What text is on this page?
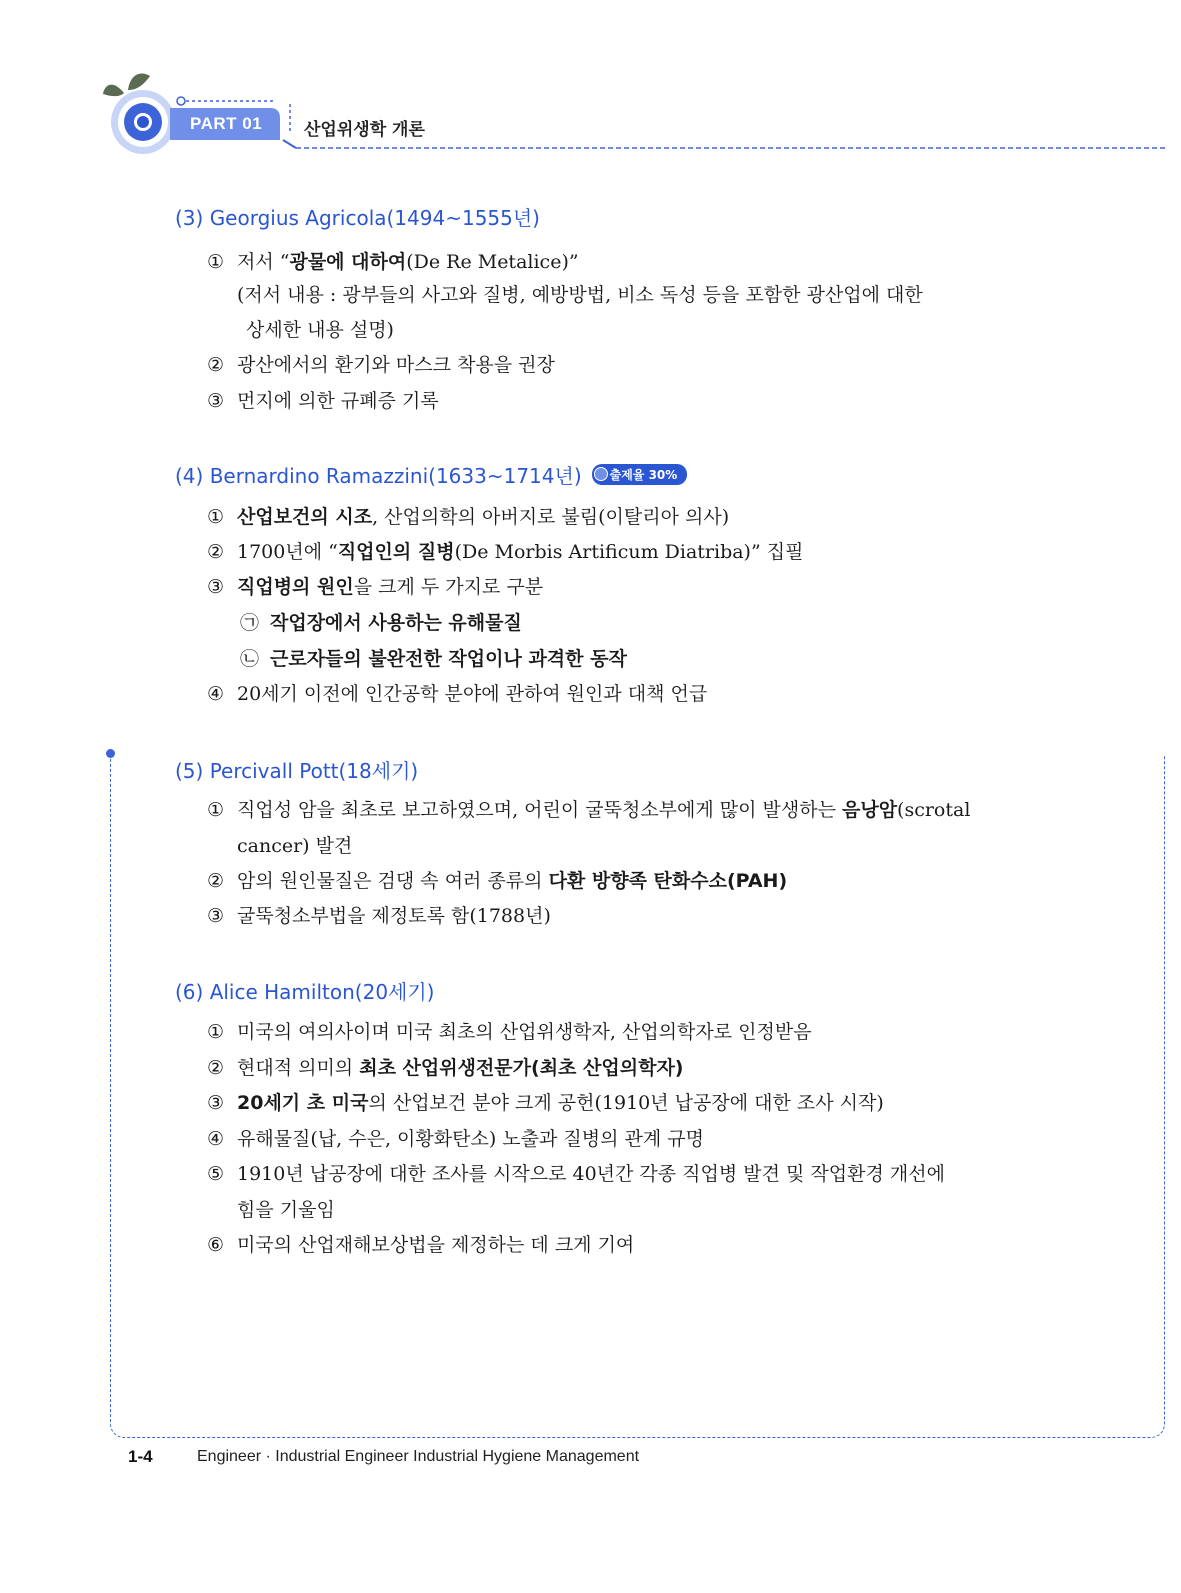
PART 01	산업위생학 개론
(3) Georgius Agricola(1494~1555년)
① 저서 “광물에 대하여(De Re Metalice)”
(저서 내용 : 광부들의 사고와 질병, 예방방법, 비소 독성 등을 포함한 광산업에 대한
상세한 내용 설명)
② 광산에서의 환기와 마스크 착용을 권장
③ 먼지에 의한 규폐증 기록
(4) Bernardino Ramazzini(1633~1714년) 출제율 30%
① 산업보건의 시조, 산업의학의 아버지로 불림(이탈리아 의사)
② 1700년에 “직업인의 질병(De Morbis Artificum Diatriba)” 집필
③ 직업병의 원인을 크게 두 가지로 구분
㉠ 작업장에서 사용하는 유해물질
㉡ 근로자들의 불완전한 작업이나 과격한 동작
④ 20세기 이전에 인간공학 분야에 관하여 원인과 대책 언급
(5) Percivall Pott(18세기)
① 직업성 암을 최초로 보고하였으며, 어린이 굴뚝청소부에게 많이 발생하는 음낭암(scrotal
cancer) 발견
② 암의 원인물질은 검댕 속 여러 종류의 다환 방향족 탄화수소(PAH)
③ 굴뚝청소부법을 제정토록 함(1788년)
(6) Alice Hamilton(20세기)
① 미국의 여의사이며 미국 최초의 산업위생학자, 산업의학자로 인정받음
② 현대적 의미의 최초 산업위생전문가(최초 산업의학자)
③ 20세기 초 미국의 산업보건 분야 크게 공헌(1910년 납공장에 대한 조사 시작)
④ 유해물질(납, 수은, 이황화탄소) 노출과 질병의 관계 규명
⑤ 1910년 납공장에 대한 조사를 시작으로 40년간 각종 직업병 발견 및 작업환경 개선에
힘을 기울임
⑥ 미국의 산업재해보상법을 제정하는 데 크게 기여
1-4	Engineer · Industrial Engineer Industrial Hygiene Management
